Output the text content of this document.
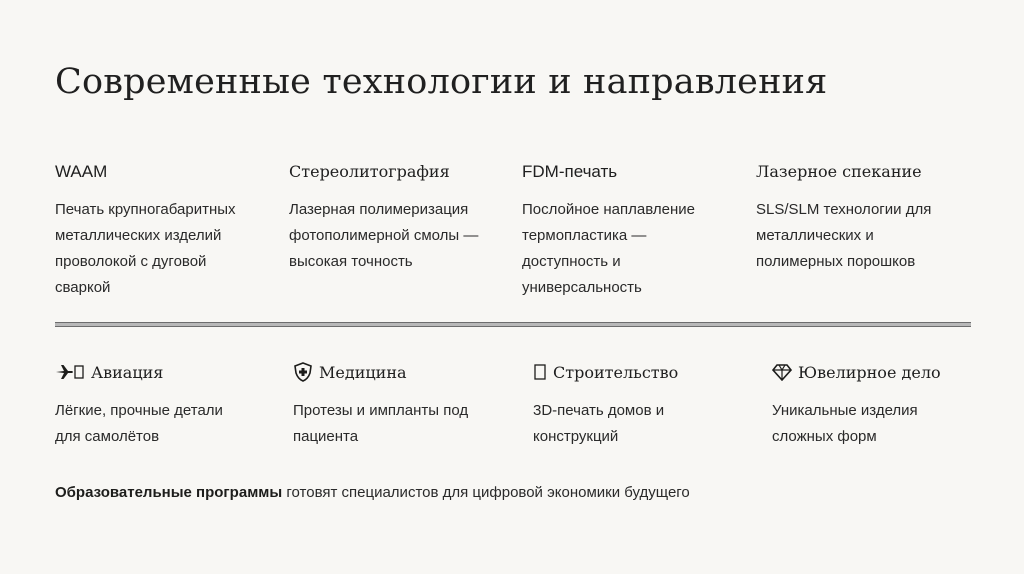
Современные технологии и направления
WAAM
Печать крупногабаритных
металлических изделий
проволокой с дуговой
сваркой
Стереолитография
Лазерная полимеризация
фотополимерной смолы —
высокая точность
FDM-печать
Послойное наплавление
термопластика —
доступность и
универсальность
Лазерное спекание
SLS/SLM технологии для
металлических и
полимерных порошков
Авиация
Лёгкие, прочные детали
для самолётов
Медицина
Протезы и импланты под
пациента
Строительство
3D-печать домов и
конструкций
Ювелирное дело
Уникальные изделия
сложных форм
Образовательные программы готовят специалистов для цифровой экономики будущего
